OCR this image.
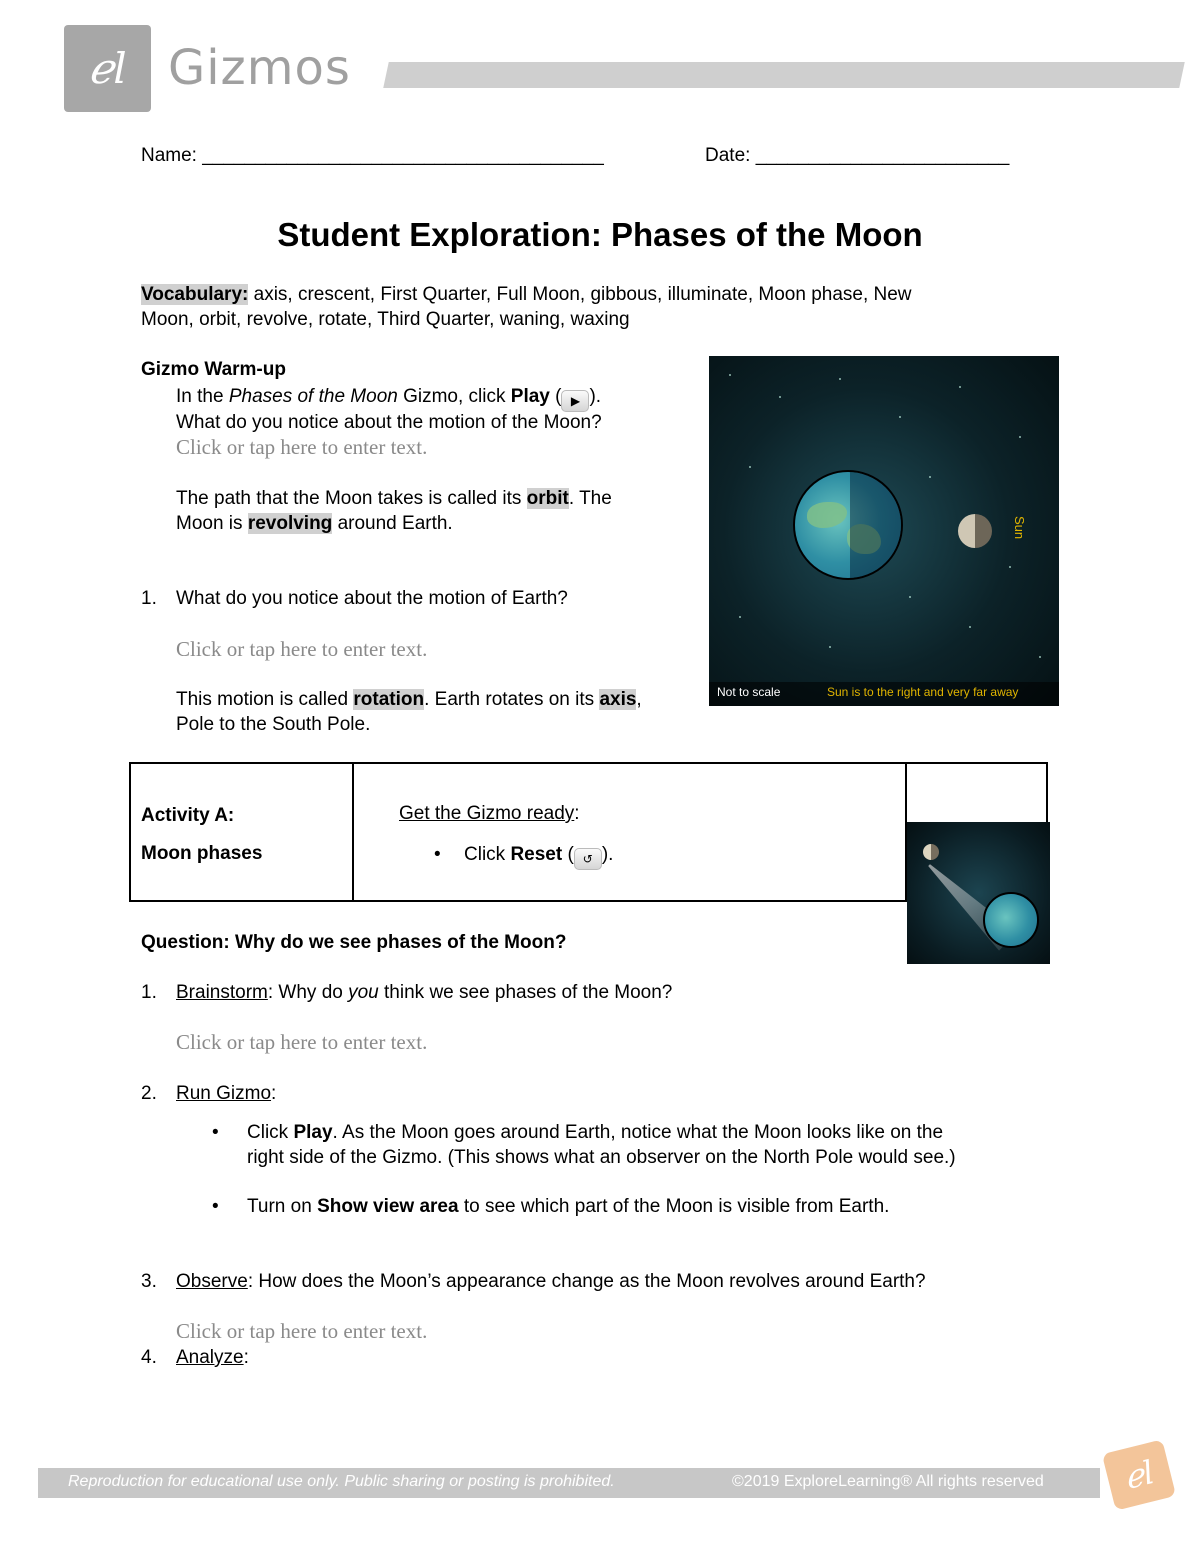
ℯl Gizmos
Name: ______________________________________	Date: ________________________
Student Exploration: Phases of the Moon
Vocabulary: axis, crescent, First Quarter, Full Moon, gibbous, illuminate, Moon phase, New
Moon, orbit, revolve, rotate, Third Quarter, waning, waxing
Gizmo Warm-up
In the Phases of the Moon Gizmo, click Play ( ▶ ).
What do you notice about the motion of the Moon?
Click or tap here to enter text.
The path that the Moon takes is called its orbit. The
Moon is revolving around Earth.
1. What do you notice about the motion of Earth?
Click or tap here to enter text.
This motion is called rotation. Earth rotates on its axis,
Pole to the South Pole.
Sun
Not to scale	Sun is to the right and very far away
Activity A:
Moon phases
Get the Gizmo ready:
• Click Reset ( ↺ ).
Question: Why do we see phases of the Moon?
1. Brainstorm: Why do you think we see phases of the Moon?
Click or tap here to enter text.
2. Run Gizmo:
• Click Play. As the Moon goes around Earth, notice what the Moon looks like on the
right side of the Gizmo. (This shows what an observer on the North Pole would see.)
• Turn on Show view area to see which part of the Moon is visible from Earth.
3. Observe: How does the Moon’s appearance change as the Moon revolves around Earth?
Click or tap here to enter text.
4. Analyze:
Reproduction for educational use only. Public sharing or posting is prohibited.	©2019 ExploreLearning® All rights reserved	ℯl
